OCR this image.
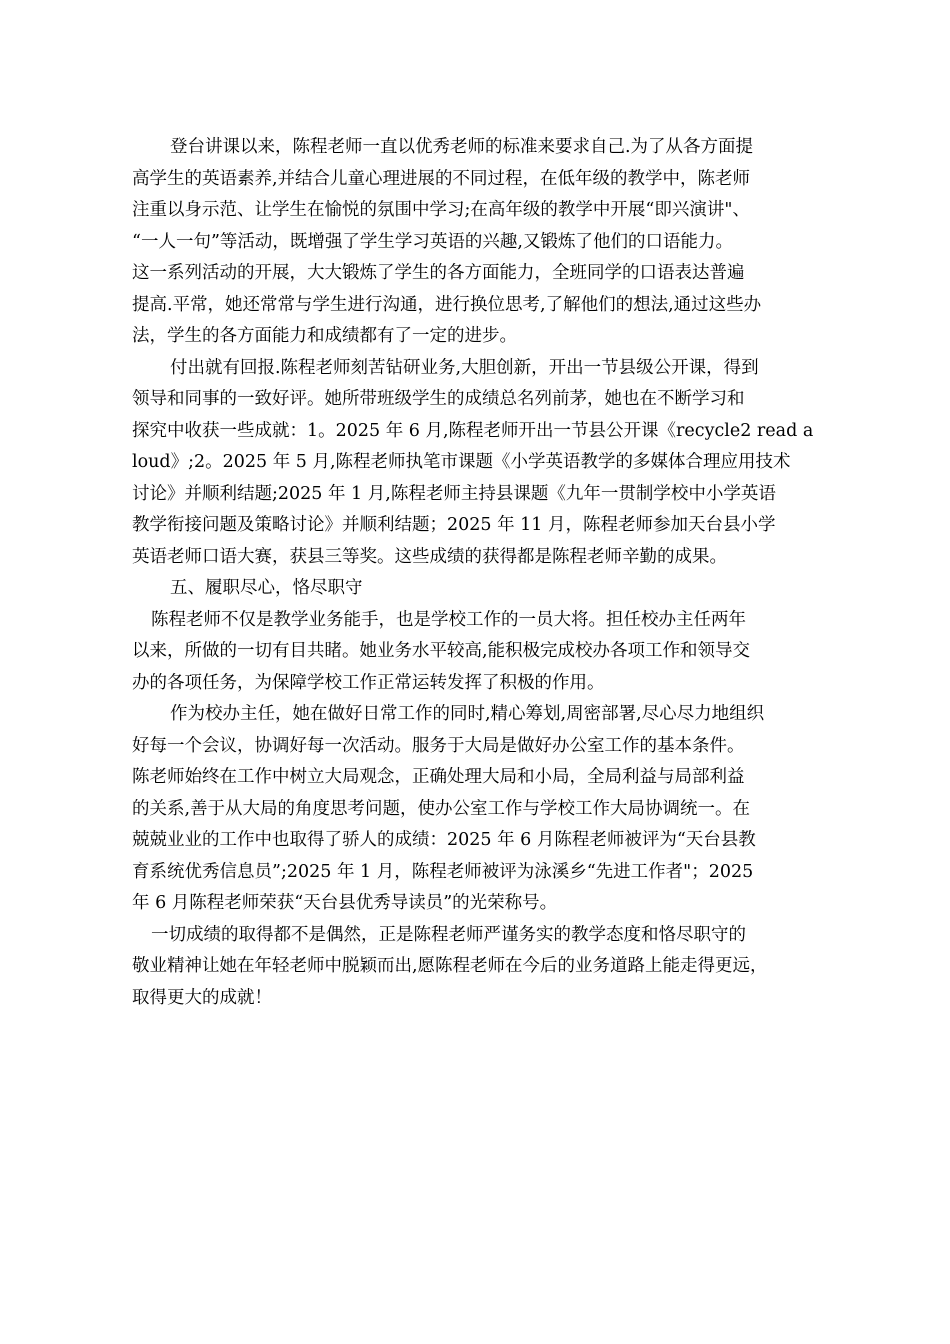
登台讲课以来，陈程老师一直以优秀老师的标准来要求自己.为了从各方面提
高学生的英语素养,并结合儿童心理进展的不同过程，在低年级的教学中，陈老师
注重以身示范、让学生在愉悦的氛围中学习;在高年级的教学中开展“即兴演讲"、
“一人一句”等活动，既增强了学生学习英语的兴趣,又锻炼了他们的口语能力。
这一系列活动的开展，大大锻炼了学生的各方面能力，全班同学的口语表达普遍
提高.平常，她还常常与学生进行沟通，进行换位思考,了解他们的想法,通过这些办
法，学生的各方面能力和成绩都有了一定的进步。
付出就有回报.陈程老师刻苦钻研业务,大胆创新，开出一节县级公开课，得到
领导和同事的一致好评。她所带班级学生的成绩总名列前茅，她也在不断学习和
探究中收获一些成就：1。2025 年 6 月,陈程老师开出一节县公开课《recycle2 read a
loud》;2。2025 年 5 月,陈程老师执笔市课题《小学英语教学的多媒体合理应用技术
讨论》并顺利结题;2025 年 1 月,陈程老师主持县课题《九年一贯制学校中小学英语
教学衔接问题及策略讨论》并顺利结题；2025 年 11 月，陈程老师参加天台县小学
英语老师口语大赛，获县三等奖。这些成绩的获得都是陈程老师辛勤的成果。
五、履职尽心，恪尽职守
陈程老师不仅是教学业务能手，也是学校工作的一员大将。担任校办主任两年
以来，所做的一切有目共睹。她业务水平较高,能积极完成校办各项工作和领导交
办的各项任务，为保障学校工作正常运转发挥了积极的作用。
作为校办主任，她在做好日常工作的同时,精心筹划,周密部署,尽心尽力地组织
好每一个会议，协调好每一次活动。服务于大局是做好办公室工作的基本条件。
陈老师始终在工作中树立大局观念，正确处理大局和小局，全局利益与局部利益
的关系,善于从大局的角度思考问题，使办公室工作与学校工作大局协调统一。在
兢兢业业的工作中也取得了骄人的成绩：2025 年 6 月陈程老师被评为“天台县教
育系统优秀信息员”;2025 年 1 月，陈程老师被评为泳溪乡“先进工作者"；2025
年 6 月陈程老师荣获“天台县优秀导读员”的光荣称号。
一切成绩的取得都不是偶然，正是陈程老师严谨务实的教学态度和恪尽职守的
敬业精神让她在年轻老师中脱颖而出,愿陈程老师在今后的业务道路上能走得更远，
取得更大的成就！
